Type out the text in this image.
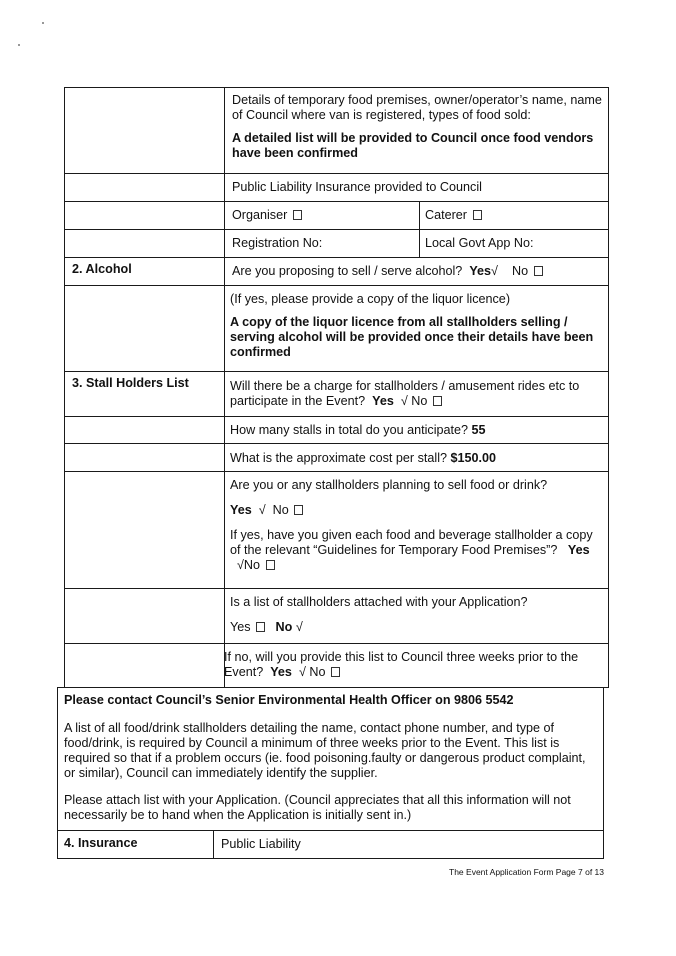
Details of temporary food premises, owner/operator’s name, name of Council where van is registered, types of food sold:

A detailed list will be provided to Council once food vendors have been confirmed

Public Liability Insurance provided to Council

Organiser	Caterer
Registration No:	Local Govt App No:
2. Alcohol	Are you proposing to sell / serve alcohol? Yes√ No

(If yes, please provide a copy of the liquor licence)

A copy of the liquor licence from all stallholders selling / serving alcohol will be provided once their details have been confirmed

3. Stall Holders List	Will there be a charge for stallholders / amusement rides etc to participate in the Event? Yes √ No
How many stalls in total do you anticipate? 55
What is the approximate cost per stall? $150.00

Are you or any stallholders planning to sell food or drink?

Yes √ No

If yes, have you given each food and beverage stallholder a copy of the relevant “Guidelines for Temporary Food Premises”? Yes   √No

Is a list of stallholders attached with your Application?

Yes No √

If no, will you provide this list to Council three weeks prior to the Event? Yes √ No

Please contact Council’s Senior Environmental Health Officer on 9806 5542

A list of all food/drink stallholders detailing the name, contact phone number, and type of food/drink, is required by Council a minimum of three weeks prior to the Event. This list is required so that if a problem occurs (ie. food poisoning.faulty or dangerous product complaint, or similar), Council can immediately identify the supplier.

Please attach list with your Application. (Council appreciates that all this information will not necessarily be to hand when the Application is initially sent in.)

4. Insurance	Public Liability
The Event Application Form Page 7 of 13
